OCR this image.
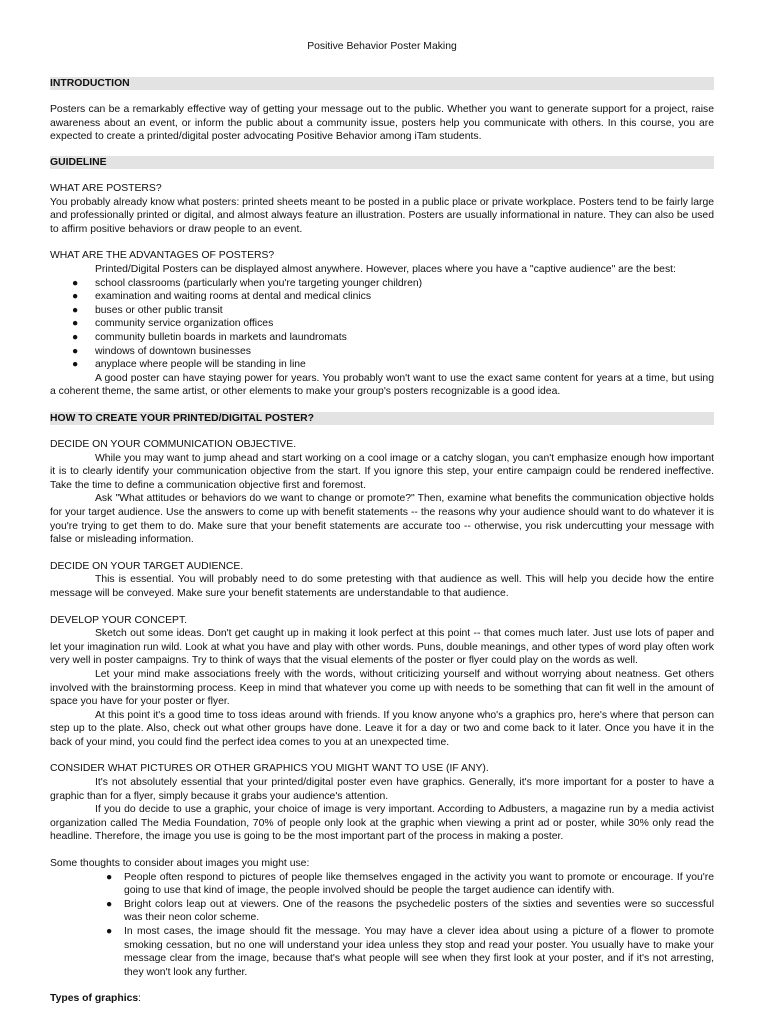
Positive Behavior Poster Making
INTRODUCTION

Posters can be a remarkably effective way of getting your message out to the public. Whether you want to generate support for a project, raise awareness about an event, or inform the public about a community issue, posters help you communicate with others. In this course, you are expected to create a printed/digital poster advocating Positive Behavior among iTam students.

GUIDELINE

WHAT ARE POSTERS?

You probably already know what posters: printed sheets meant to be posted in a public place or private workplace. Posters tend to be fairly large and professionally printed or digital, and almost always feature an illustration. Posters are usually informational in nature. They can also be used to affirm positive behaviors or draw people to an event.

WHAT ARE THE ADVANTAGES OF POSTERS?

Printed/Digital Posters can be displayed almost anywhere. However, places where you have a "captive audience" are the best:

● school classrooms (particularly when you're targeting younger children)
● examination and waiting rooms at dental and medical clinics
● buses or other public transit
● community service organization offices
● community bulletin boards in markets and laundromats
● windows of downtown businesses
● anyplace where people will be standing in line

A good poster can have staying power for years. You probably won't want to use the exact same content for years at a time, but using a coherent theme, the same artist, or other elements to make your group's posters recognizable is a good idea.

HOW TO CREATE YOUR PRINTED/DIGITAL POSTER?

DECIDE ON YOUR COMMUNICATION OBJECTIVE.

While you may want to jump ahead and start working on a cool image or a catchy slogan, you can't emphasize enough how important it is to clearly identify your communication objective from the start. If you ignore this step, your entire campaign could be rendered ineffective. Take the time to define a communication objective first and foremost.

Ask "What attitudes or behaviors do we want to change or promote?" Then, examine what benefits the communication objective holds for your target audience. Use the answers to come up with benefit statements -- the reasons why your audience should want to do whatever it is you're trying to get them to do. Make sure that your benefit statements are accurate too -- otherwise, you risk undercutting your message with false or misleading information.

DECIDE ON YOUR TARGET AUDIENCE.

This is essential. You will probably need to do some pretesting with that audience as well. This will help you decide how the entire message will be conveyed. Make sure your benefit statements are understandable to that audience.

DEVELOP YOUR CONCEPT.

Sketch out some ideas. Don't get caught up in making it look perfect at this point -- that comes much later. Just use lots of paper and let your imagination run wild. Look at what you have and play with other words. Puns, double meanings, and other types of word play often work very well in poster campaigns. Try to think of ways that the visual elements of the poster or flyer could play on the words as well.

Let your mind make associations freely with the words, without criticizing yourself and without worrying about neatness. Get others involved with the brainstorming process. Keep in mind that whatever you come up with needs to be something that can fit well in the amount of space you have for your poster or flyer.

At this point it's a good time to toss ideas around with friends. If you know anyone who's a graphics pro, here's where that person can step up to the plate. Also, check out what other groups have done. Leave it for a day or two and come back to it later. Once you have it in the back of your mind, you could find the perfect idea comes to you at an unexpected time.

CONSIDER WHAT PICTURES OR OTHER GRAPHICS YOU MIGHT WANT TO USE (IF ANY).

It's not absolutely essential that your printed/digital poster even have graphics. Generally, it's more important for a poster to have a graphic than for a flyer, simply because it grabs your audience's attention.

If you do decide to use a graphic, your choice of image is very important. According to Adbusters, a magazine run by a media activist organization called The Media Foundation, 70% of people only look at the graphic when viewing a print ad or poster, while 30% only read the headline. Therefore, the image you use is going to be the most important part of the process in making a poster.

Some thoughts to consider about images you might use:

● People often respond to pictures of people like themselves engaged in the activity you want to promote or encourage. If you're going to use that kind of image, the people involved should be people the target audience can identify with.
● Bright colors leap out at viewers. One of the reasons the psychedelic posters of the sixties and seventies were so successful was their neon color scheme.
● In most cases, the image should fit the message. You may have a clever idea about using a picture of a flower to promote smoking cessation, but no one will understand your idea unless they stop and read your poster. You usually have to make your message clear from the image, because that's what people will see when they first look at your poster, and if it's not arresting, they won't look any further.

Types of graphics:
